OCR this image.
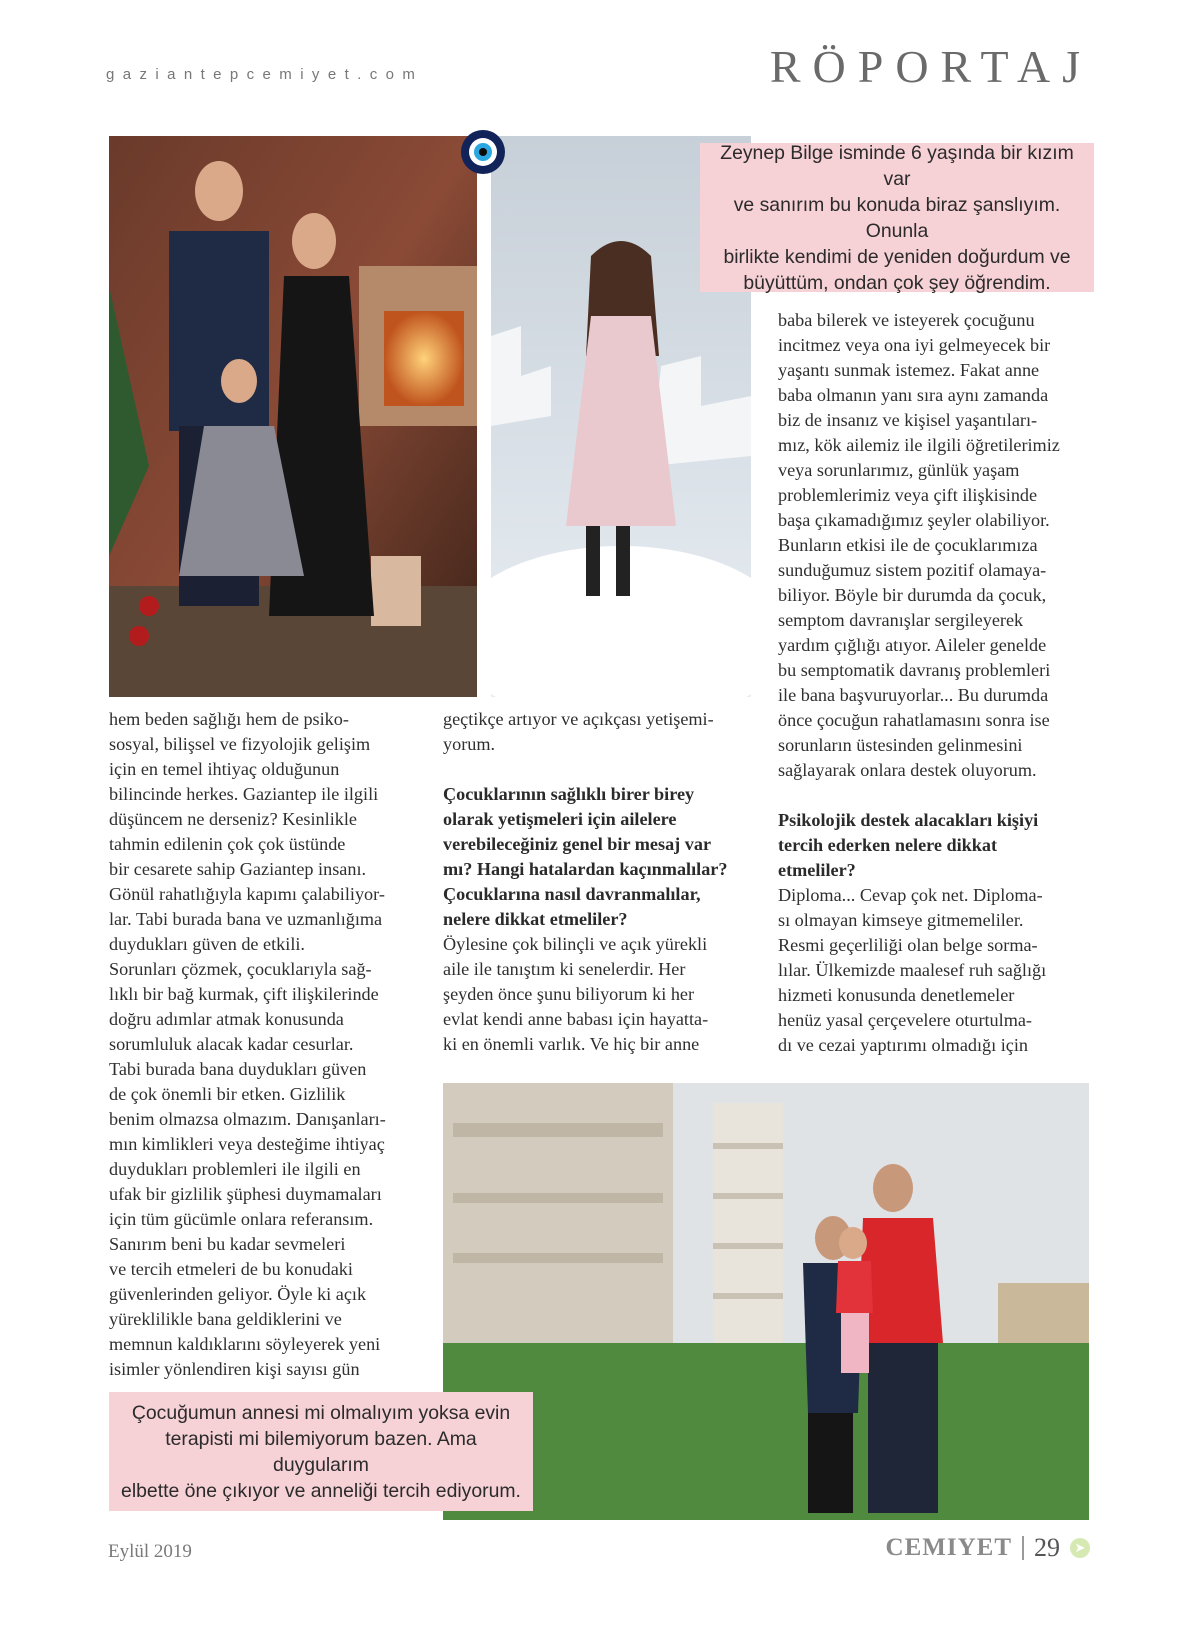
gaziantepcemiyet.com	RÖPORTAJ
Zeynep Bilge isminde 6 yaşında bir kızım var
ve sanırım bu konuda biraz şanslıyım. Onunla
birlikte kendimi de yeniden doğurdum ve
büyüttüm, ondan çok şey öğrendim.
Çocuğumun annesi mi olmalıyım yoksa evin
terapisti mi bilemiyorum bazen. Ama duygularım
elbette öne çıkıyor ve anneliği tercih ediyorum.

hem beden sağlığı hem de psiko-

sosyal, bilişsel ve fizyolojik gelişim

için en temel ihtiyaç olduğunun

bilincinde herkes. Gaziantep ile ilgili

düşüncem ne derseniz? Kesinlikle

tahmin edilenin çok çok üstünde

bir cesarete sahip Gaziantep insanı.

Gönül rahatlığıyla kapımı çalabiliyor-

lar. Tabi burada bana ve uzmanlığıma

duydukları güven de etkili.

Sorunları çözmek, çocuklarıyla sağ-

lıklı bir bağ kurmak, çift ilişkilerinde

doğru adımlar atmak konusunda

sorumluluk alacak kadar cesurlar.

Tabi burada bana duydukları güven

de çok önemli bir etken. Gizlilik

benim olmazsa olmazım. Danışanları-

mın kimlikleri veya desteğime ihtiyaç

duydukları problemleri ile ilgili en

ufak bir gizlilik şüphesi duymamaları

için tüm gücümle onlara referansım.

Sanırım beni bu kadar sevmeleri

ve tercih etmeleri de bu konudaki

güvenlerinden geliyor. Öyle ki açık

yüreklilikle bana geldiklerini ve

memnun kaldıklarını söyleyerek yeni

isimler yönlendiren kişi sayısı gün

geçtikçe artıyor ve açıkçası yetişemi-

yorum.

Çocuklarının sağlıklı birer birey

olarak yetişmeleri için ailelere

verebileceğiniz genel bir mesaj var

mı? Hangi hatalardan kaçınmalılar?

Çocuklarına nasıl davranmalılar,

nelere dikkat etmeliler?

Öylesine çok bilinçli ve açık yürekli

aile ile tanıştım ki senelerdir. Her

şeyden önce şunu biliyorum ki her

evlat kendi anne babası için hayatta-

ki en önemli varlık. Ve hiç bir anne

baba bilerek ve isteyerek çocuğunu

incitmez veya ona iyi gelmeyecek bir

yaşantı sunmak istemez. Fakat anne

baba olmanın yanı sıra aynı zamanda

biz de insanız ve kişisel yaşantıları-

mız, kök ailemiz ile ilgili öğretilerimiz

veya sorunlarımız, günlük yaşam

problemlerimiz veya çift ilişkisinde

başa çıkamadığımız şeyler olabiliyor.

Bunların etkisi ile de çocuklarımıza

sunduğumuz sistem pozitif olamaya-

biliyor. Böyle bir durumda da çocuk,

semptom davranışlar sergileyerek

yardım çığlığı atıyor. Aileler genelde

bu semptomatik davranış problemleri

ile bana başvuruyorlar... Bu durumda

önce çocuğun rahatlamasını sonra ise

sorunların üstesinden gelinmesini

sağlayarak onlara destek oluyorum.

Psikolojik destek alacakları kişiyi

tercih ederken nelere dikkat

etmeliler?

Diploma... Cevap çok net. Diploma-

sı olmayan kimseye gitmemeliler.

Resmi geçerliliği olan belge sorma-

lılar. Ülkemizde maalesef ruh sağlığı

hizmeti konusunda denetlemeler

henüz yasal çerçevelere oturtulma-

dı ve cezai yaptırımı olmadığı için

Eylül 2019	CEMIYET 29	➤
